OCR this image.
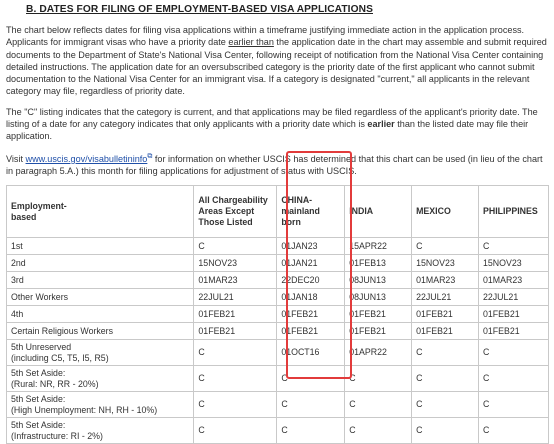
B. DATES FOR FILING OF EMPLOYMENT-BASED VISA APPLICATIONS

The chart below reflects dates for filing visa applications within a timeframe justifying immediate action in the application process. Applicants for immigrant visas who have a priority date earlier than the application date in the chart may assemble and submit required documents to the Department of State's National Visa Center, following receipt of notification from the National Visa Center containing detailed instructions. The application date for an oversubscribed category is the priority date of the first applicant who cannot submit documentation to the National Visa Center for an immigrant visa. If a category is designated "current," all applicants in the relevant category may file, regardless of priority date.

The "C" listing indicates that the category is current, and that applications may be filed regardless of the applicant's priority date. The listing of a date for any category indicates that only applicants with a priority date which is earlier than the listed date may file their application.

Visit www.uscis.gov/visabulletininfo⧉ for information on whether USCIS has determined that this chart can be used (in lieu of the chart in paragraph 5.A.) this month for filing applications for adjustment of status with USCIS.

Employment-
based	All Chargeability
Areas Except
Those Listed	CHINA-
mainland
born	INDIA	MEXICO	PHILIPPINES
1st	C	01JAN23	15APR22	C	C
2nd	15NOV23	01JAN21	01FEB13	15NOV23	15NOV23
3rd	01MAR23	22DEC20	08JUN13	01MAR23	01MAR23
Other Workers	22JUL21	01JAN18	08JUN13	22JUL21	22JUL21
4th	01FEB21	01FEB21	01FEB21	01FEB21	01FEB21
Certain Religious Workers	01FEB21	01FEB21	01FEB21	01FEB21	01FEB21
5th Unreserved
(including C5, T5, I5, R5)	C	01OCT16	01APR22	C	C
5th Set Aside:
(Rural: NR, RR - 20%)	C	C	C	C	C
5th Set Aside:
(High Unemployment: NH, RH - 10%)	C	C	C	C	C
5th Set Aside:
(Infrastructure: RI - 2%)	C	C	C	C	C
